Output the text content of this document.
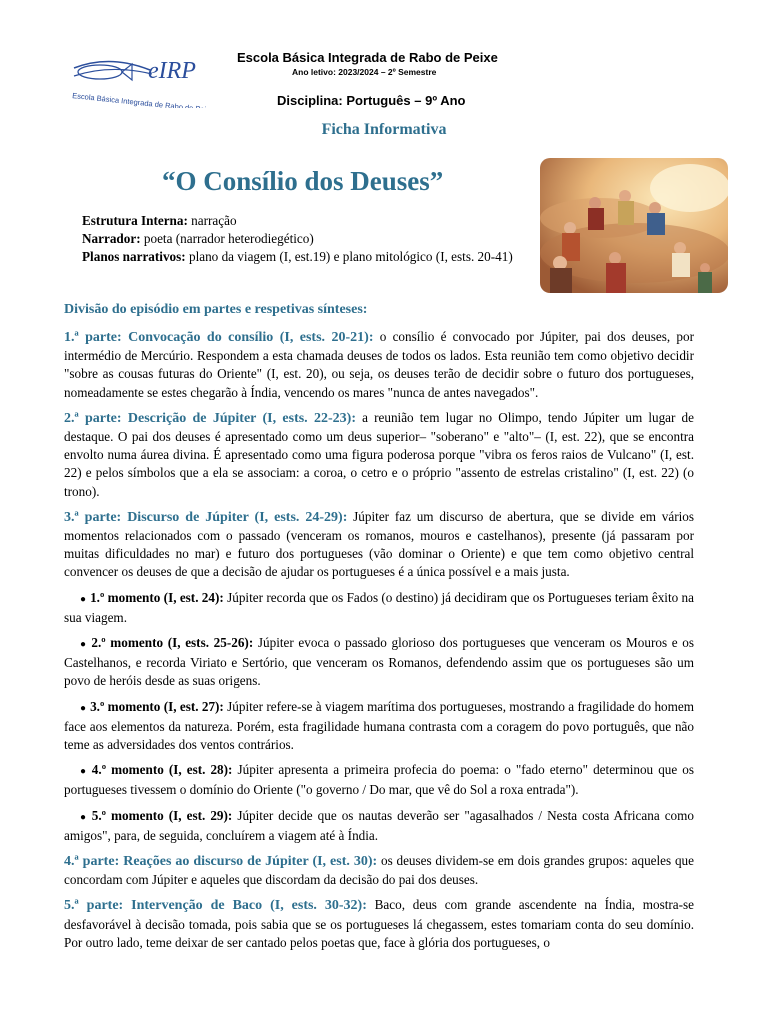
eIRP
Escola Básica Integrada de Rabo de Peixe
Escola Básica Integrada de Rabo de Peixe
Ano letivo: 2023/2024 – 2º Semestre
Disciplina: Português – 9º Ano
Ficha Informativa
“O Consílio dos Deuses”
Estrutura Interna: narração
Narrador: poeta (narrador heterodiegético)
Planos narrativos: plano da viagem (I, est.19) e plano mitológico (I, ests. 20-41)
Divisão do episódio em partes e respetivas sínteses:

1.ª parte: Convocação do consílio (I, ests. 20-21): o consílio é convocado por Júpiter, pai dos deuses, por intermédio de Mercúrio. Respondem a esta chamada deuses de todos os lados. Esta reunião tem como objetivo decidir "sobre as cousas futuras do Oriente" (I, est. 20), ou seja, os deuses terão de decidir sobre o futuro dos portugueses, nomeadamente se estes chegarão à Índia, vencendo os mares "nunca de antes navegados".

2.ª parte: Descrição de Júpiter (I, ests. 22-23): a reunião tem lugar no Olimpo, tendo Júpiter um lugar de destaque. O pai dos deuses é apresentado como um deus superior– "soberano" e "alto"– (I, est. 22), que se encontra envolto numa áurea divina. É apresentado como uma figura poderosa porque "vibra os feros raios de Vulcano" (I, est. 22) e pelos símbolos que a ela se associam: a coroa, o cetro e o próprio "assento de estrelas cristalino" (I, est. 22) (o trono).

3.ª parte: Discurso de Júpiter (I, ests. 24-29): Júpiter faz um discurso de abertura, que se divide em vários momentos relacionados com o passado (venceram os romanos, mouros e castelhanos), presente (já passaram por muitas dificuldades no mar) e futuro dos portugueses (vão dominar o Oriente) e que tem como objetivo central convencer os deuses de que a decisão de ajudar os portugueses é a única possível e a mais justa.

● 1.º momento (I, est. 24): Júpiter recorda que os Fados (o destino) já decidiram que os Portugueses teriam êxito na sua viagem.

● 2.º momento (I, ests. 25-26): Júpiter evoca o passado glorioso dos portugueses que venceram os Mouros e os Castelhanos, e recorda Viriato e Sertório, que venceram os Romanos, defendendo assim que os portugueses são um povo de heróis desde as suas origens.

● 3.º momento (I, est. 27): Júpiter refere-se à viagem marítima dos portugueses, mostrando a fragilidade do homem face aos elementos da natureza. Porém, esta fragilidade humana contrasta com a coragem do povo português, que não teme as adversidades dos ventos contrários.

● 4.º momento (I, est. 28): Júpiter apresenta a primeira profecia do poema: o "fado eterno" determinou que os portugueses tivessem o domínio do Oriente ("o governo / Do mar, que vê do Sol a roxa entrada").

● 5.º momento (I, est. 29): Júpiter decide que os nautas deverão ser "agasalhados / Nesta costa Africana como amigos", para, de seguida, concluírem a viagem até à Índia.

4.ª parte: Reações ao discurso de Júpiter (I, est. 30): os deuses dividem-se em dois grandes grupos: aqueles que concordam com Júpiter e aqueles que discordam da decisão do pai dos deuses.

5.ª parte: Intervenção de Baco (I, ests. 30-32): Baco, deus com grande ascendente na Índia, mostra-se desfavorável à decisão tomada, pois sabia que se os portugueses lá chegassem, estes tomariam conta do seu domínio. Por outro lado, teme deixar de ser cantado pelos poetas que, face à glória dos portugueses, o
